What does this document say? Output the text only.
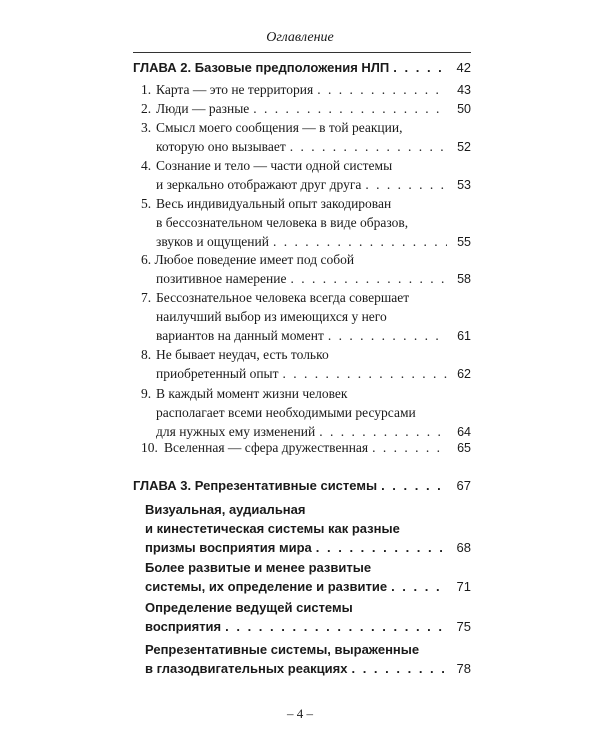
Оглавление
ГЛАВА 2. Базовые предположения НЛП . . .	42
1. Карта — это не территория . . .	43
2. Люди — разные . . .	50
3. Смысл моего сообщения — в той реакции,
которую оно вызывает . . .	52
4. Сознание и тело — части одной системы
и зеркально отображают друг друга . . .	53
5. Весь индивидуальный опыт закодирован
в бессознательном человека в виде образов,
звуков и ощущений . . .	55
6. Любое поведение имеет под собой
позитивное намерение . . .	58
7. Бессознательное человека всегда совершает
наилучший выбор из имеющихся у него
вариантов на данный момент . . .	61
8. Не бывает неудач, есть только
приобретенный опыт . . .	62
9. В каждый момент жизни человек
располагает всеми необходимыми ресурсами
для нужных ему изменений . . .	64
10. Вселенная — сфера дружественная . . .	65
ГЛАВА 3. Репрезентативные системы . . .	67
Визуальная, аудиальная
и кинестетическая системы как разные
призмы восприятия мира . . .	68
Более развитые и менее развитые
системы, их определение и развитие . . .	71
Определение ведущей системы
восприятия . . .	75
– 4 –
Репрезентативные системы, выраженные
в глазодвигательных реакциях . . .	78
